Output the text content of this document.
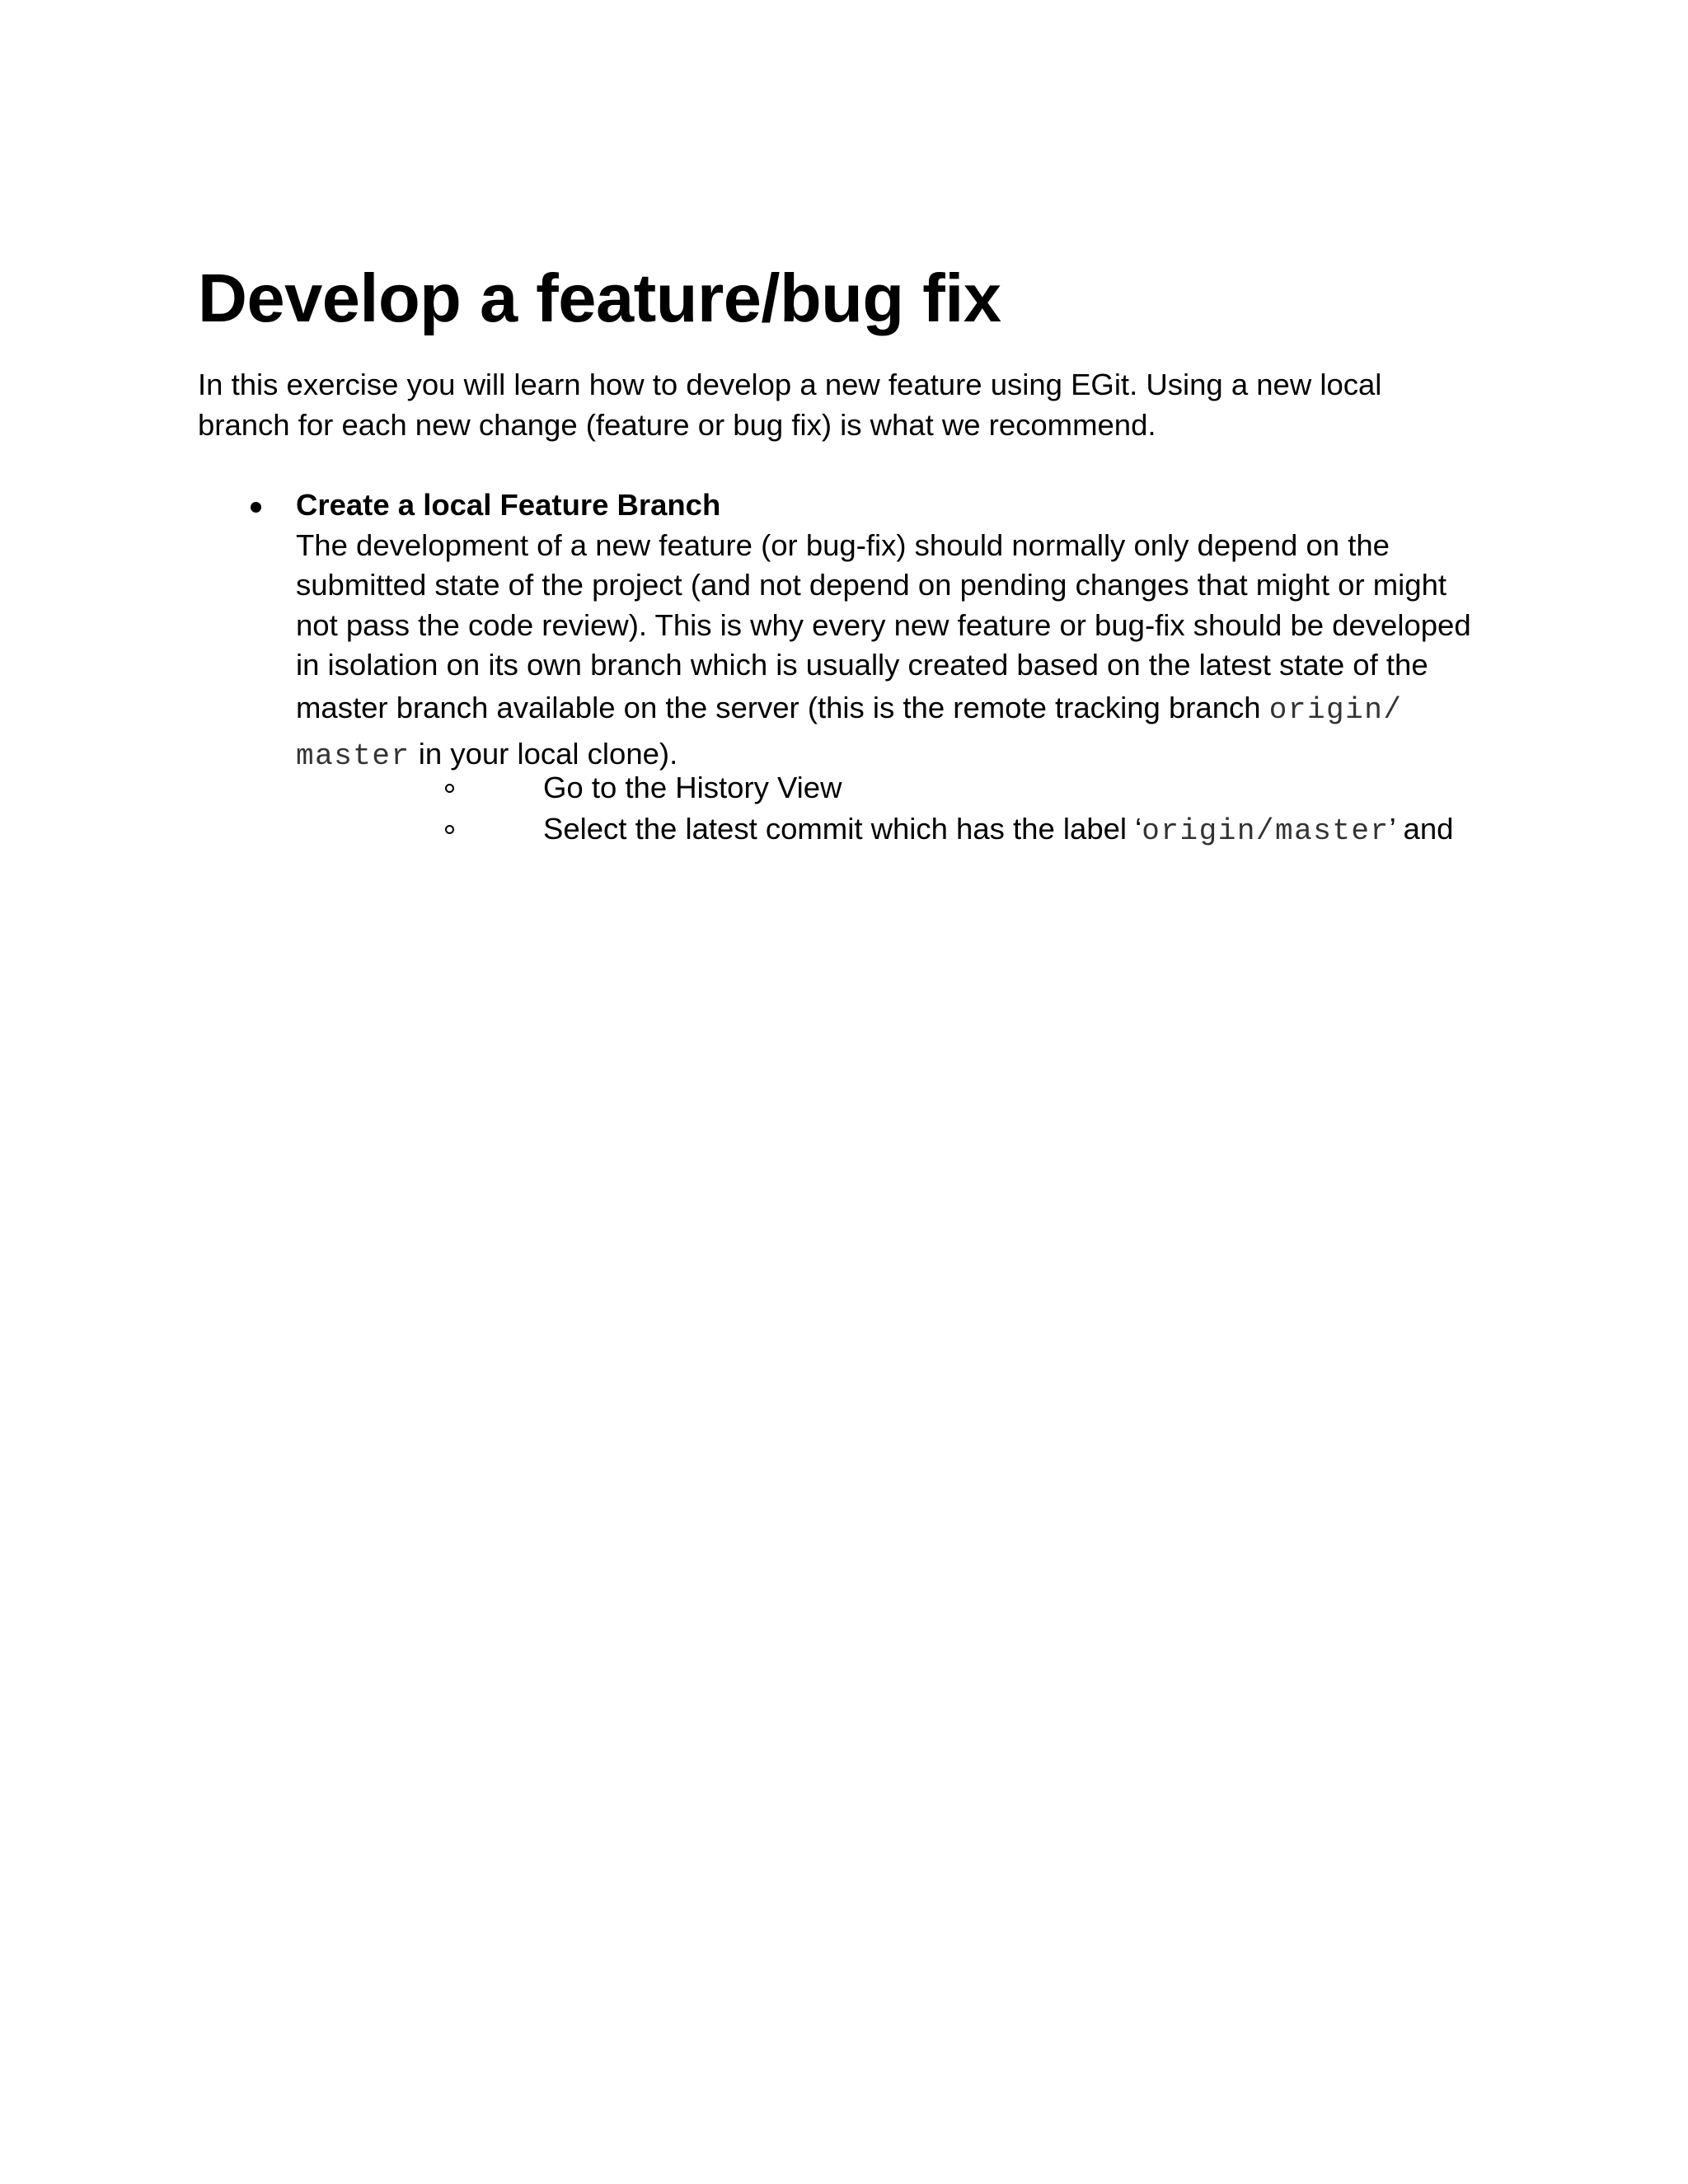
Develop a feature/bug fix

In this exercise you will learn how to develop a new feature using EGit. Using a new local
branch for each new change (feature or bug fix) is what we recommend.

Create a local Feature Branch
The development of a new feature (or bug-fix) should normally only depend on the
submitted state of the project (and not depend on pending changes that might or might
not pass the code review). This is why every new feature or bug-fix should be developed
in isolation on its own branch which is usually created based on the latest state of the
master branch available on the server (this is the remote tracking branch origin/
master in your local clone).
Go to the History View
Select the latest commit which has the label ‘origin/master’ and
